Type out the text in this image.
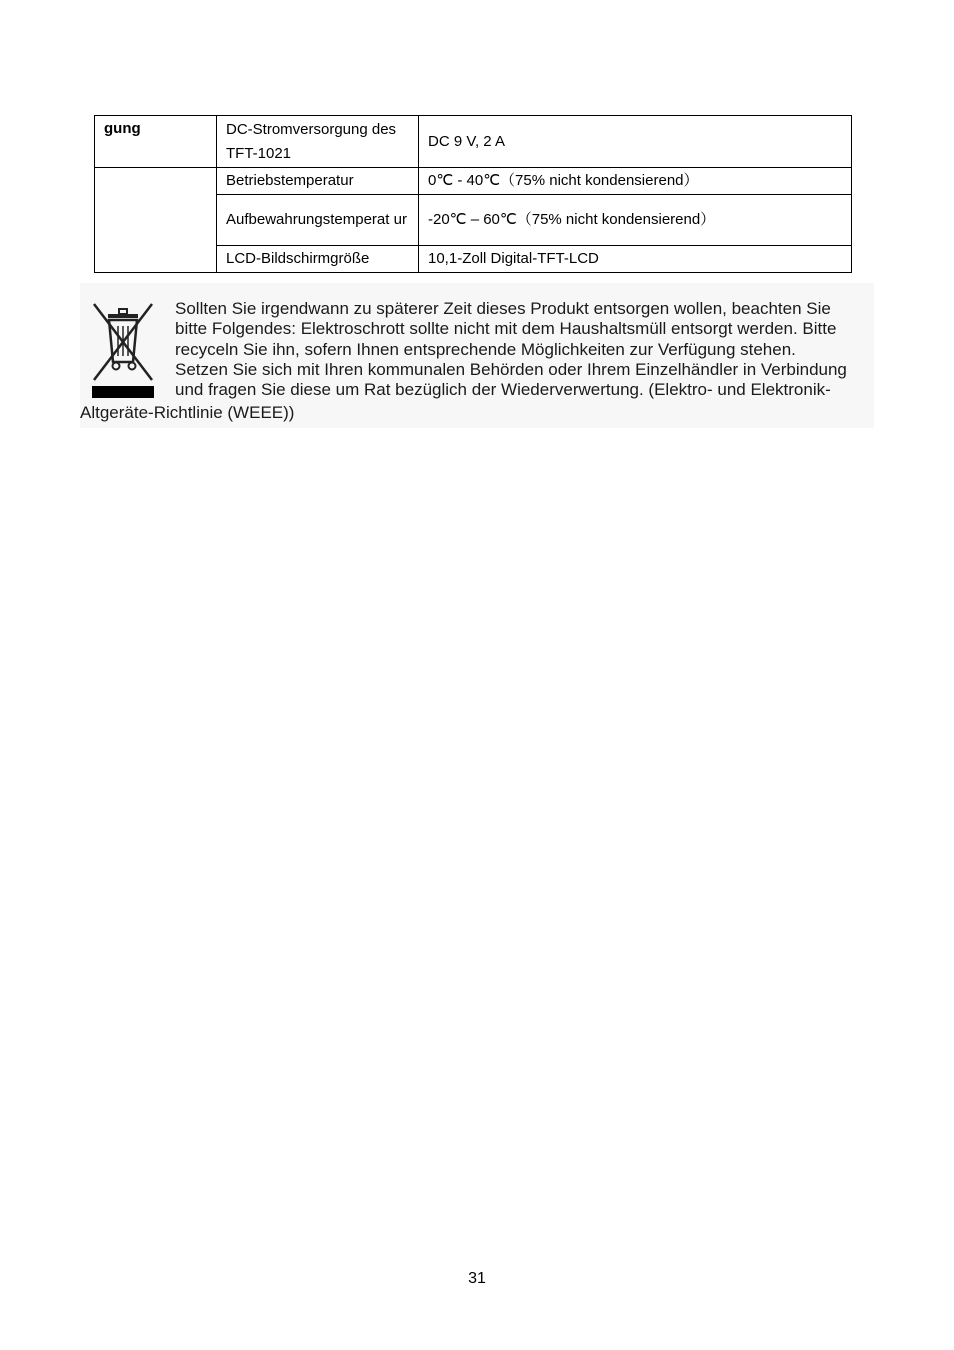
gung	DC-Stromversorgung des TFT-1021	DC 9 V, 2 A
	Betriebstemperatur	0℃ - 40℃（75% nicht kondensierend）
	Aufbewahrungstemperat ur	-20℃ – 60℃（75% nicht kondensierend）
	LCD-Bildschirmgröße	10,1-Zoll Digital-TFT-LCD
Sollten Sie irgendwann zu späterer Zeit dieses Produkt entsorgen wollen, beachten Sie
bitte Folgendes: Elektroschrott sollte nicht mit dem Haushaltsmüll entsorgt werden. Bitte
recyceln Sie ihn, sofern Ihnen entsprechende Möglichkeiten zur Verfügung stehen.
Setzen Sie sich mit Ihren kommunalen Behörden oder Ihrem Einzelhändler in Verbindung
und fragen Sie diese um Rat bezüglich der Wiederverwertung. (Elektro- und Elektronik-
Altgeräte-Richtlinie (WEEE))
31
